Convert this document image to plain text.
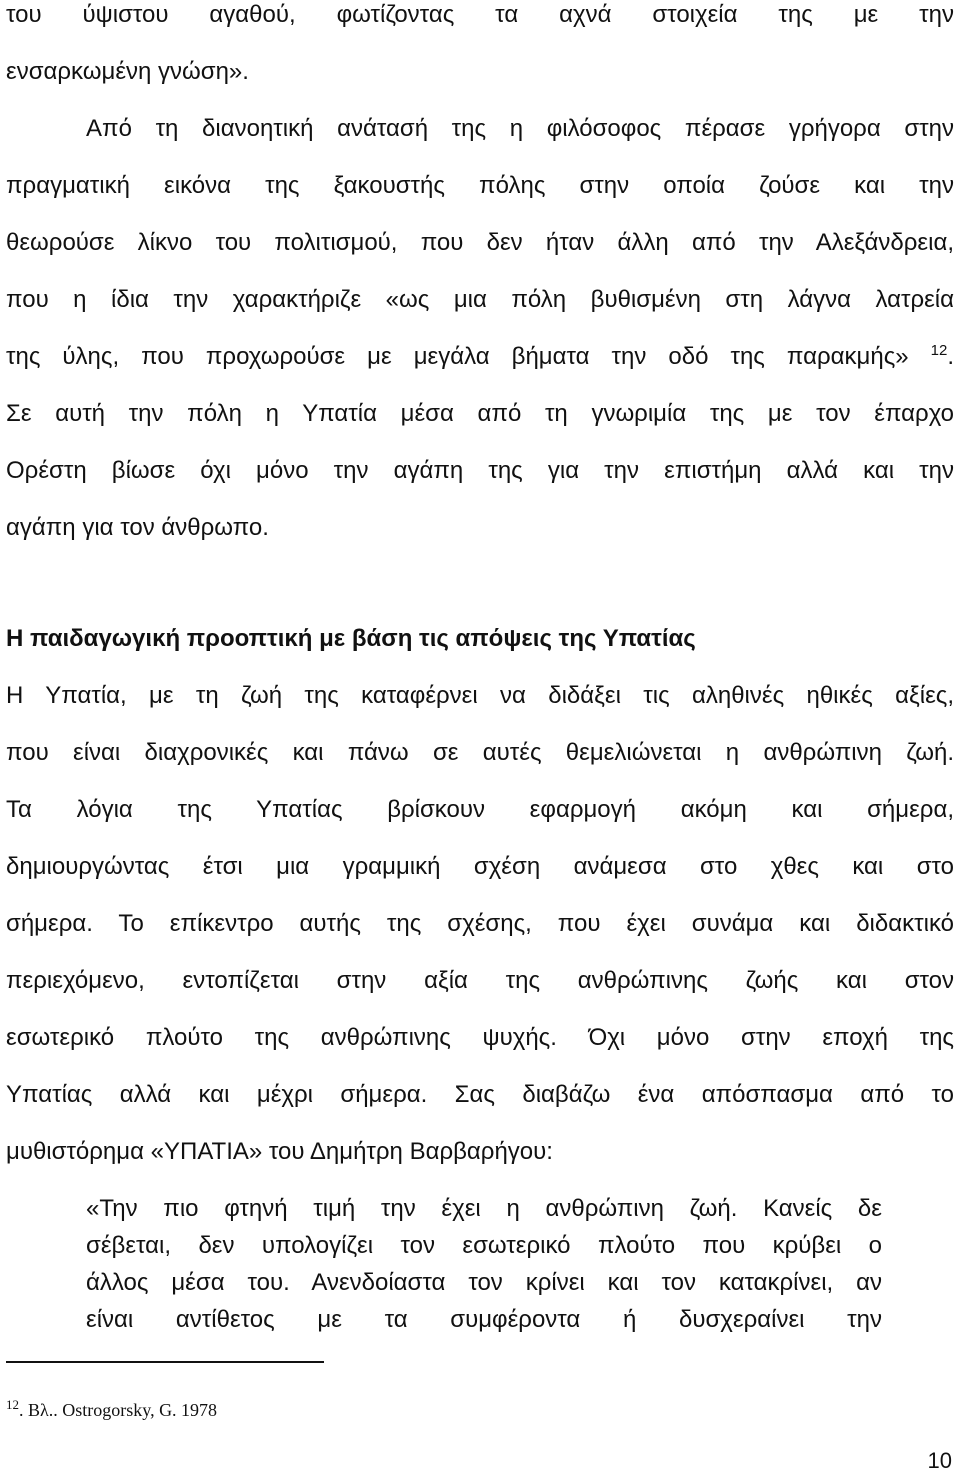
του ύψιστου αγαθού, φωτίζοντας τα αχνά στοιχεία της με την

ενσαρκωμένη γνώση».

Από τη διανοητική ανάτασή της η φιλόσοφος πέρασε γρήγορα στην

πραγματική εικόνα της ξακουστής πόλης στην οποία ζούσε και την

θεωρούσε λίκνο του πολιτισμού, που δεν ήταν άλλη από την Αλεξάνδρεια,

που η ίδια την χαρακτήριζε «ως μια πόλη βυθισμένη στη λάγνα λατρεία

της ύλης, που προχωρούσε με μεγάλα βήματα την οδό της παρακμής» $^{12}$.

Σε αυτή την πόλη η Υπατία μέσα από τη γνωριμία της με τον έπαρχο

Ορέστη βίωσε όχι μόνο την αγάπη της για την επιστήμη αλλά και την

αγάπη για τον άνθρωπο.

Η παιδαγωγική προοπτική με βάση τις απόψεις της Υπατίας

Η Υπατία, με τη ζωή της καταφέρνει να διδάξει τις αληθινές ηθικές αξίες,

που είναι διαχρονικές και πάνω σε αυτές θεμελιώνεται η ανθρώπινη ζωή.

Τα λόγια της Υπατίας βρίσκουν εφαρμογή ακόμη και σήμερα,

δημιουργώντας έτσι μια γραμμική σχέση ανάμεσα στο χθες και στο

σήμερα. Το επίκεντρο αυτής της σχέσης, που έχει συνάμα και διδακτικό

περιεχόμενο, εντοπίζεται στην αξία της ανθρώπινης ζωής και στον

εσωτερικό πλούτο της ανθρώπινης ψυχής. Όχι μόνο στην εποχή της

Υπατίας αλλά και μέχρι σήμερα. Σας διαβάζω ένα απόσπασμα από το

μυθιστόρημα «ΥΠΑΤΙΑ» του Δημήτρη Βαρβαρήγου:

«Την πιο φτηνή τιμή την έχει η ανθρώπινη ζωή. Κανείς δε

σέβεται, δεν υπολογίζει τον εσωτερικό πλούτο που κρύβει ο

άλλος μέσα του. Ανενδοίαστα τον κρίνει και τον κατακρίνει, αν

είναι αντίθετος με τα συμφέροντα ή δυσχεραίνει την

$^{12}$. Βλ.. Ostrogorsky, G. 1978
10
